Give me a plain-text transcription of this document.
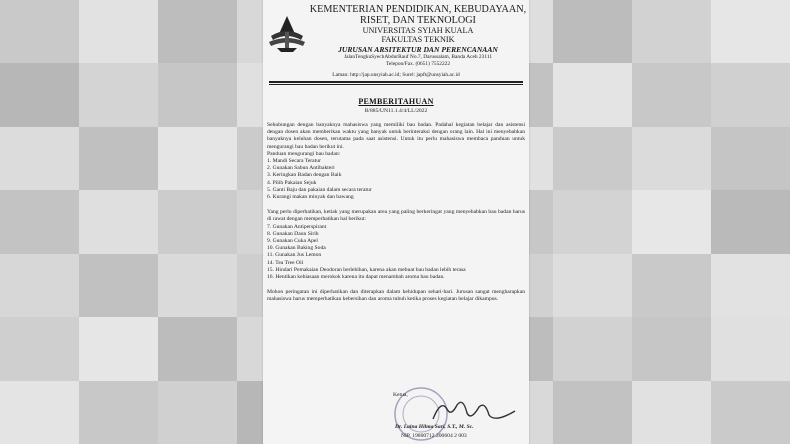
KEMENTERIAN PENDIDIKAN, KEBUDAYAAN,
RISET, DAN TEKNOLOGI
UNIVERSITAS SYIAH KUALA
FAKULTAS TEKNIK
JURUSAN ARSITEKTUR DAN PERENCANAAN
JalanTengkuSyechAbdurRauf No.7, Darussalam, Banda Aceh 23111
Telepon/Fax. (0651) 7552222
Laman: http://jap.unsyiah.ac.id; Surel: japft@unsyiah.ac.id
PEMBERITAHUAN
B/885/UN11.1.4/4/LL/2022

Sehubungan dengan banyaknya mahasiswa yang memiliki bau badan. Padahal kegiatan belajar dan asistensi dengan dosen akan memberikan waktu yang banyak untuk berinteraksi dengan orang lain. Hal ini menyebabkan banyaknya keluhan dosen, terutama pada saat asistensi. Untuk itu perlu mahasiswa membaca panduan untuk mengurangi bau badan berikut ini.

Panduan mengurangi bau badan:

1. Mandi Secara Teratur
2. Gunakan Sabun Antibakteri
3. Keringkan Badan dengan Baik
4. Pilih Pakaian Sejuk
5. Ganti Baju dan pakaian dalam secara teratur
6. Kurangi makan minyak dan bawang

Yang perlu diperhatikan, ketiak yang merupakan area yang paling berkeringat yang menyebabkan bau badan harus di rawat dengan memperhatikan hal berikut:

7. Gunakan Antiperspirant
8. Gunakan Daun Sirih
9. Gunakan Cuka Apel
10. Gunakan Baking Soda
11. Gunakan Jus Lemon
14. Tea Tree Oil
15. Hindari Pemakaian Deodoran berlebihan, karena akan mebuat bau badan lebih terasa
16. Hentikan kebiasaan merokok karena itu dapat menambah aroma bau badan.

Mohon peringatan ini diperhatikan dan diterapkan dalam kehidupan sehari-hari. Jurusan sangat mengharapkan mahasiswa harus memperhatikan kebersihan dan aroma tubuh ketika proses kegiatan belajar dikampus.

Ketua,
Dr. Laina Hilma Sari, S.T., M. Sc.
NIP. 19800712 200604 2 003
